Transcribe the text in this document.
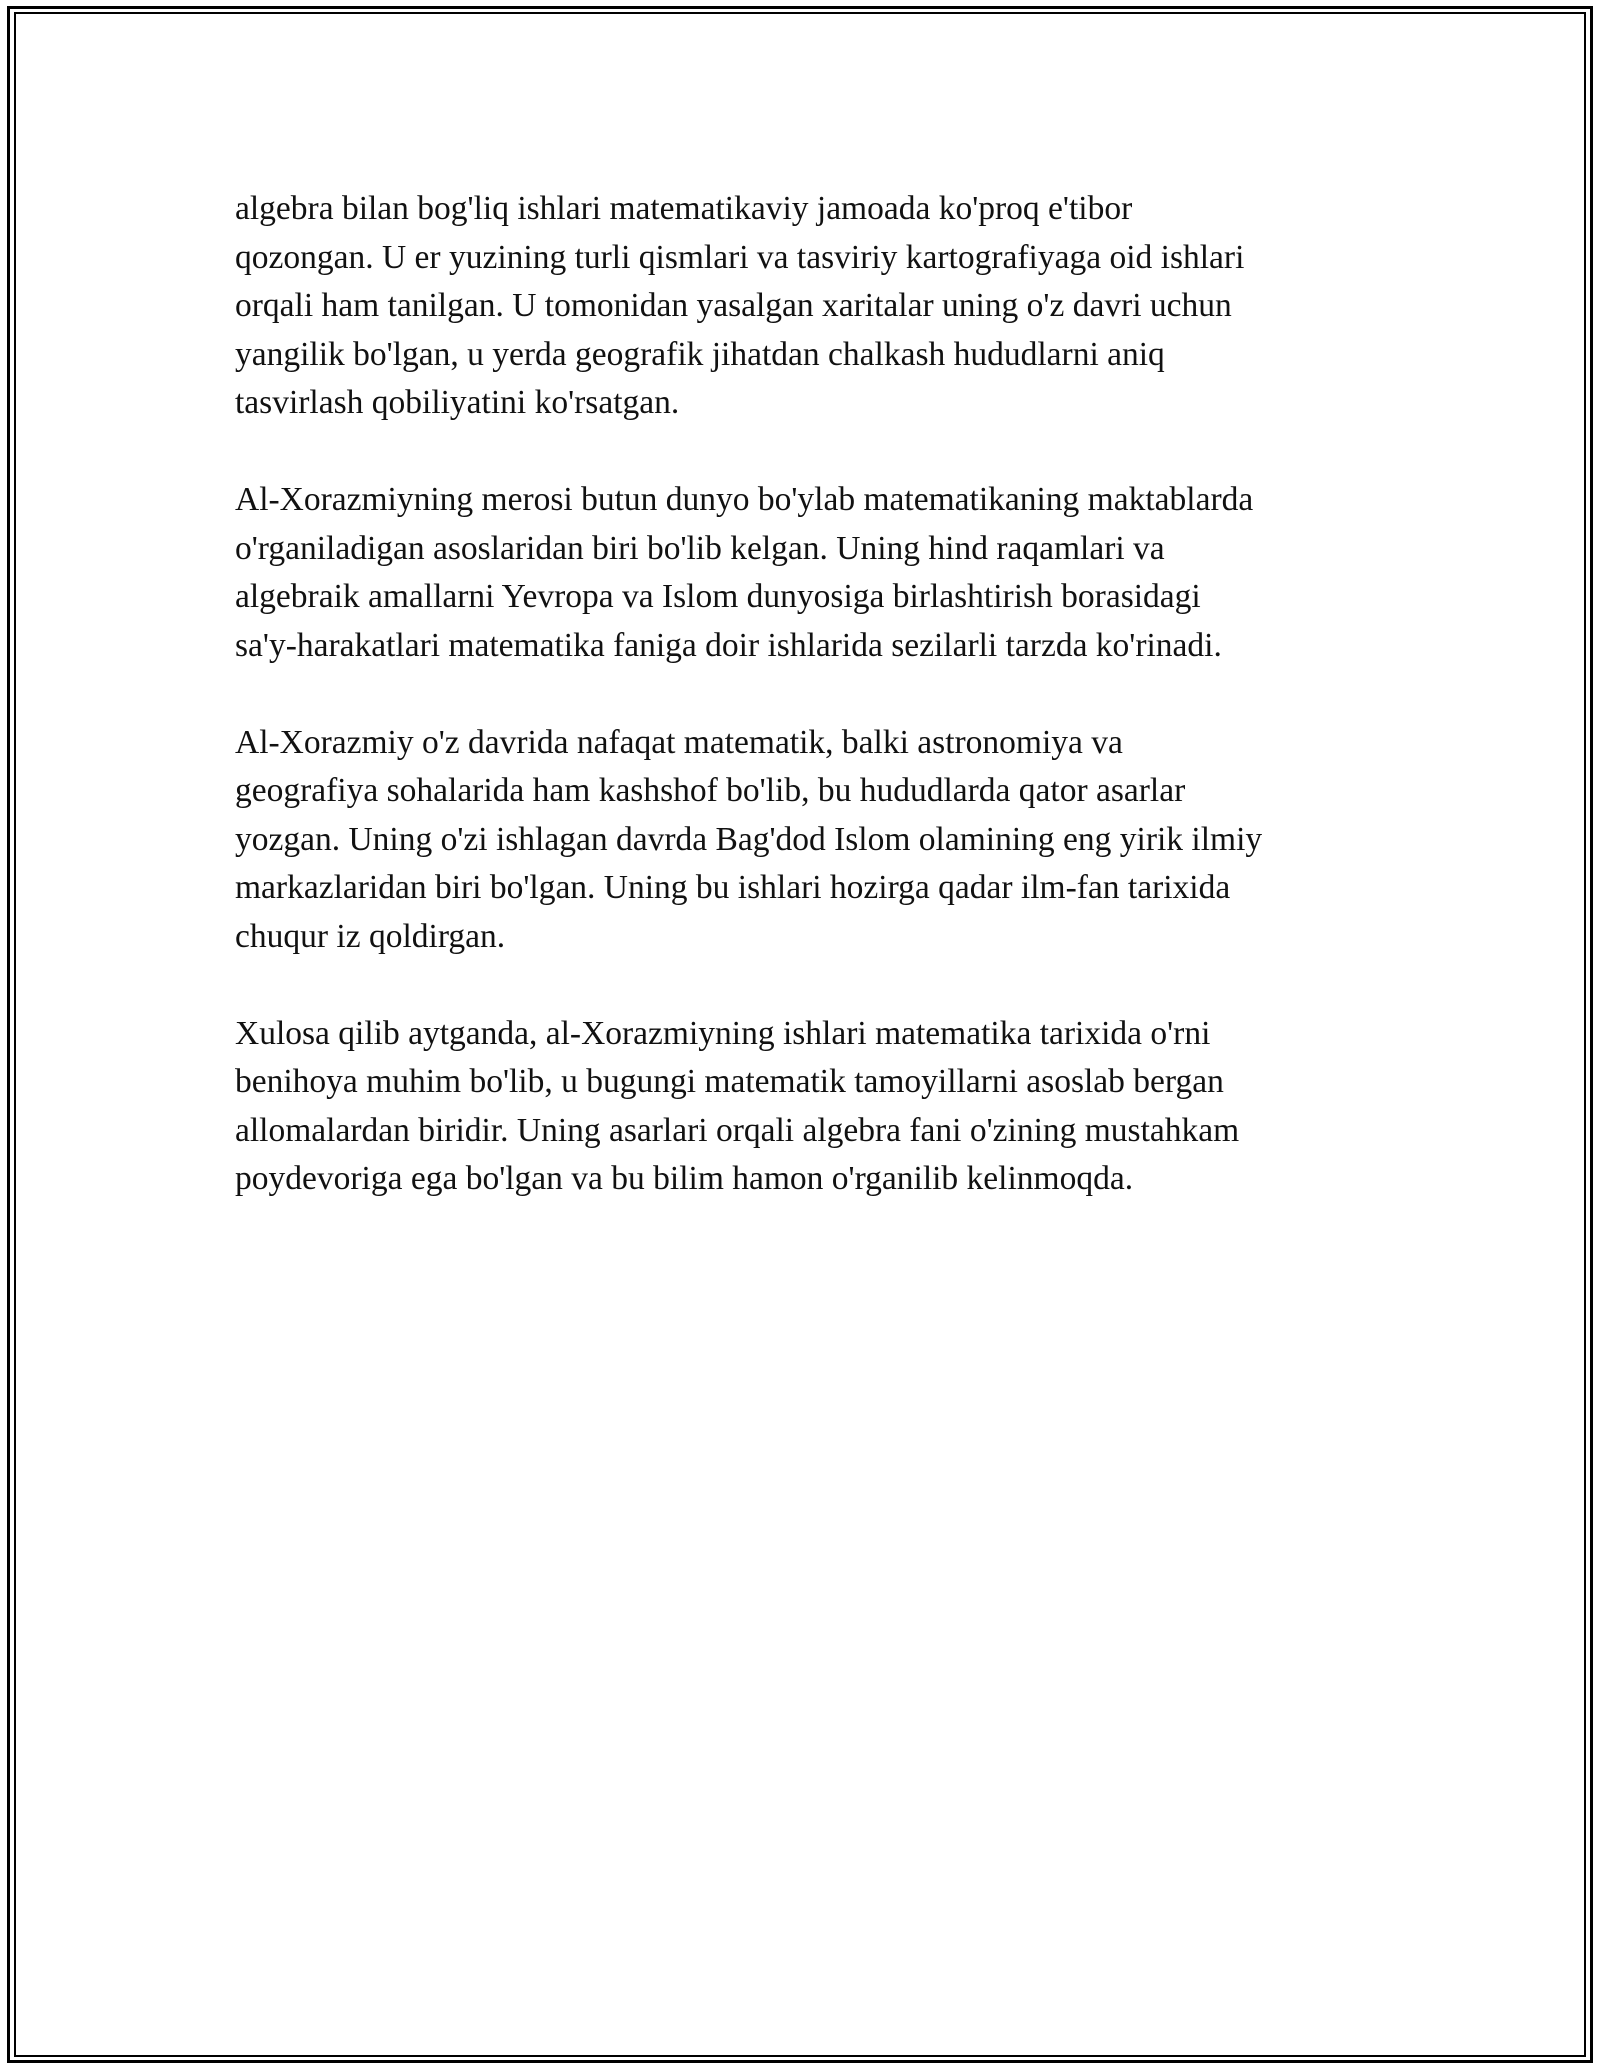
algebra bilan bog'liq ishlari matematikaviy jamoada ko'proq e'tibor
qozongan. U er yuzining turli qismlari va tasviriy kartografiyaga oid ishlari
orqali ham tanilgan. U tomonidan yasalgan xaritalar uning o'z davri uchun
yangilik bo'lgan, u yerda geografik jihatdan chalkash hududlarni aniq
tasvirlash qobiliyatini ko'rsatgan.

Al-Xorazmiyning merosi butun dunyo bo'ylab matematikaning maktablarda
o'rganiladigan asoslaridan biri bo'lib kelgan. Uning hind raqamlari va
algebraik amallarni Yevropa va Islom dunyosiga birlashtirish borasidagi
sa'y-harakatlari matematika faniga doir ishlarida sezilarli tarzda ko'rinadi.

Al-Xorazmiy o'z davrida nafaqat matematik, balki astronomiya va
geografiya sohalarida ham kashshof bo'lib, bu hududlarda qator asarlar
yozgan. Uning o'zi ishlagan davrda Bag'dod Islom olamining eng yirik ilmiy
markazlaridan biri bo'lgan. Uning bu ishlari hozirga qadar ilm-fan tarixida
chuqur iz qoldirgan.

Xulosa qilib aytganda, al-Xorazmiyning ishlari matematika tarixida o'rni
benihoya muhim bo'lib, u bugungi matematik tamoyillarni asoslab bergan
allomalardan biridir. Uning asarlari orqali algebra fani o'zining mustahkam
poydevoriga ega bo'lgan va bu bilim hamon o'rganilib kelinmoqda.
